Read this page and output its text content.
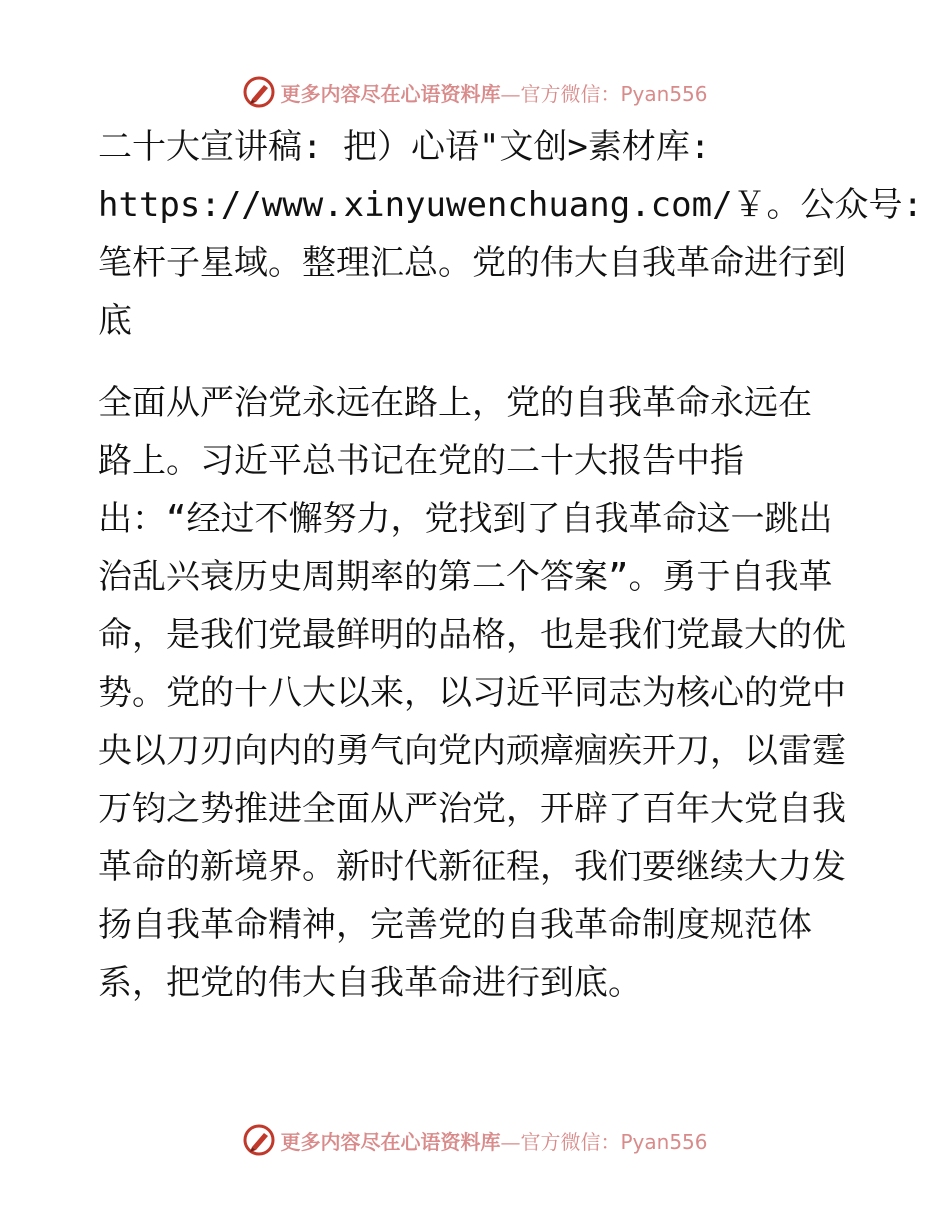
更多内容尽在心语资料库—官方微信：Pyan556
二十大宣讲稿: 把）心语"文创>素材库:
https://www.xinyuwenchuang.com/￥。公众号:
笔杆子星域。整理汇总。党的伟大自我革命进行到
底
全面从严治党永远在路上，党的自我革命永远在
路上。习近平总书记在党的二十大报告中指
出：“经过不懈努力，党找到了自我革命这一跳出
治乱兴衰历史周期率的第二个答案”。勇于自我革
命，是我们党最鲜明的品格，也是我们党最大的优
势。党的十八大以来，以习近平同志为核心的党中
央以刀刃向内的勇气向党内顽瘴痼疾开刀，以雷霆
万钧之势推进全面从严治党，开辟了百年大党自我
革命的新境界。新时代新征程，我们要继续大力发
扬自我革命精神，完善党的自我革命制度规范体
系，把党的伟大自我革命进行到底。
更多内容尽在心语资料库—官方微信：Pyan556
